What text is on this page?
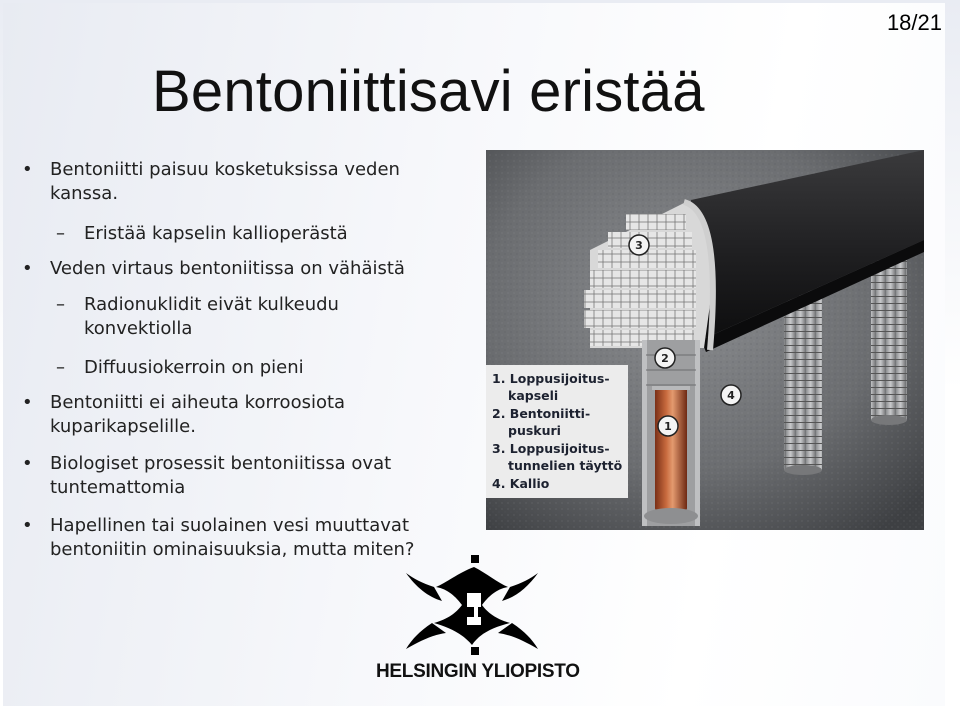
18/21
Bentoniittisavi eristää
• Bentoniitti paisuu kosketuksissa veden kanssa.
–	Eristää kapselin kallioperästä
• Veden virtaus bentoniitissa on vähäistä
–	Radionuklidit eivät kulkeudu konvektiolla
–	Diffuusiokerroin on pieni
• Bentoniitti ei aiheuta korroosiota kuparikapselille.
• Biologiset prosessit bentoniitissa ovat tuntemattomia
• Hapellinen tai suolainen vesi muuttavat bentoniitin ominaisuuksia, mutta miten?
1. Loppusijoitus-
kapseli
2. Bentoniitti-
puskuri
3. Loppusijoitus-
tunnelien täyttö
4. Kallio
3
2
4
1
HELSINGIN YLIOPISTO
